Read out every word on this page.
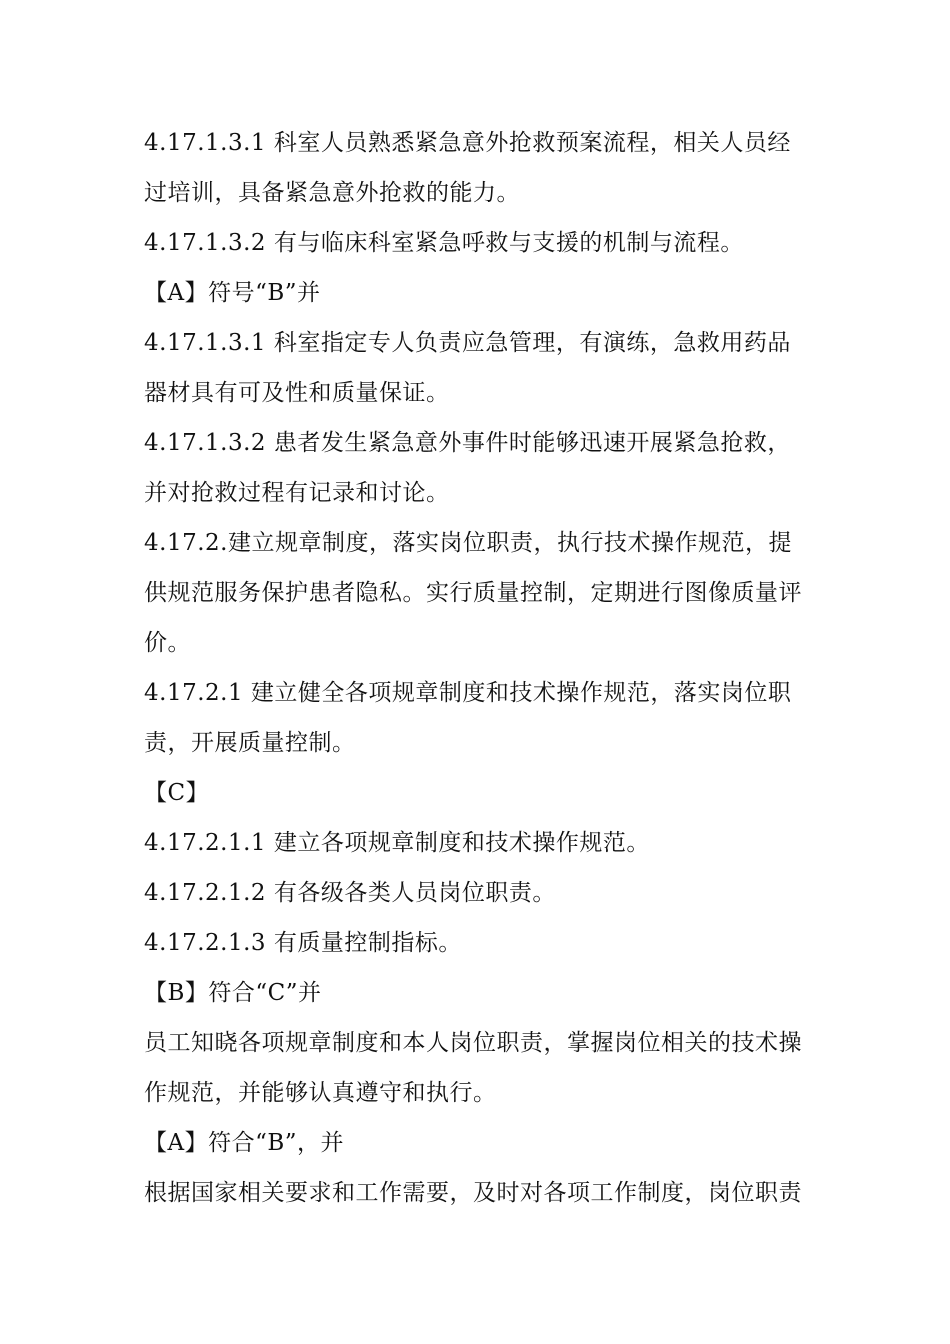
4.17.1.3.1 科室人员熟悉紧急意外抢救预案流程，相关人员经过培训，具备紧急意外抢救的能力。

4.17.1.3.2 有与临床科室紧急呼救与支援的机制与流程。

【A】符号“B”并

4.17.1.3.1 科室指定专人负责应急管理，有演练，急救用药品器材具有可及性和质量保证。

4.17.1.3.2 患者发生紧急意外事件时能够迅速开展紧急抢救，并对抢救过程有记录和讨论。

4.17.2.建立规章制度，落实岗位职责，执行技术操作规范，提供规范服务保护患者隐私。实行质量控制，定期进行图像质量评价。

4.17.2.1 建立健全各项规章制度和技术操作规范，落实岗位职责，开展质量控制。

【C】

4.17.2.1.1 建立各项规章制度和技术操作规范。

4.17.2.1.2 有各级各类人员岗位职责。

4.17.2.1.3 有质量控制指标。

【B】符合“C”并

员工知晓各项规章制度和本人岗位职责，掌握岗位相关的技术操作规范，并能够认真遵守和执行。

【A】符合“B”，并

根据国家相关要求和工作需要，及时对各项工作制度，岗位职责
